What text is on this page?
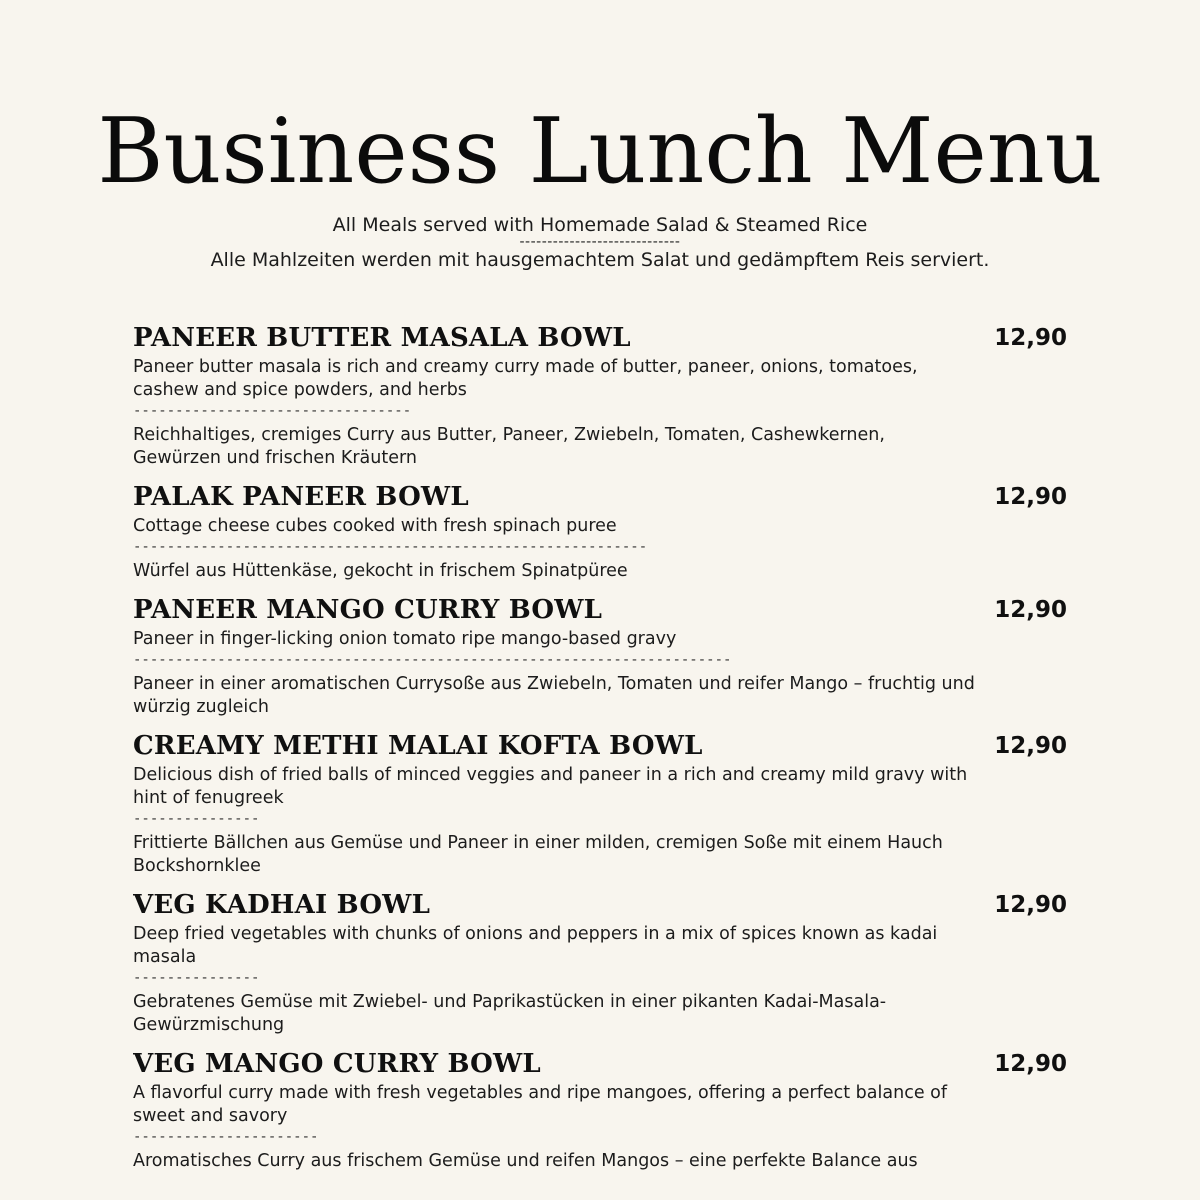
Business Lunch Menu
All Meals served with Homemade Salad & Steamed Rice
-----------------------------
Alle Mahlzeiten werden mit hausgemachtem Salat und gedämpftem Reis serviert.
PANEER BUTTER MASALA BOWL	12,90
Paneer butter masala is rich and creamy curry made of butter, paneer, onions, tomatoes, cashew and spice powders, and herbs
---------------------------------
Reichhaltiges, cremiges Curry aus Butter, Paneer, Zwiebeln, Tomaten, Cashewkernen, Gewürzen und frischen Kräutern
PALAK PANEER BOWL	12,90
Cottage cheese cubes cooked with fresh spinach puree
-------------------------------------------------------------
Würfel aus Hüttenkäse, gekocht in frischem Spinatpüree
PANEER MANGO CURRY BOWL	12,90
Paneer in finger-licking onion tomato ripe mango-based gravy
-----------------------------------------------------------------------
Paneer in einer aromatischen Currysoße aus Zwiebeln, Tomaten und reifer Mango – fruchtig und würzig zugleich
CREAMY METHI MALAI KOFTA BOWL	12,90
Delicious dish of fried balls of minced veggies and paneer in a rich and creamy mild gravy with hint of fenugreek
---------------
Frittierte Bällchen aus Gemüse und Paneer in einer milden, cremigen Soße mit einem Hauch Bockshornklee
VEG KADHAI BOWL	12,90
Deep fried vegetables with chunks of onions and peppers in a mix of spices known as kadai masala
---------------
Gebratenes Gemüse mit Zwiebel- und Paprikastücken in einer pikanten Kadai-Masala-Gewürzmischung
VEG MANGO CURRY BOWL	12,90
A flavorful curry made with fresh vegetables and ripe mangoes, offering a perfect balance of sweet and savory
----------------------
Aromatisches Curry aus frischem Gemüse und reifen Mangos – eine perfekte Balance aus
